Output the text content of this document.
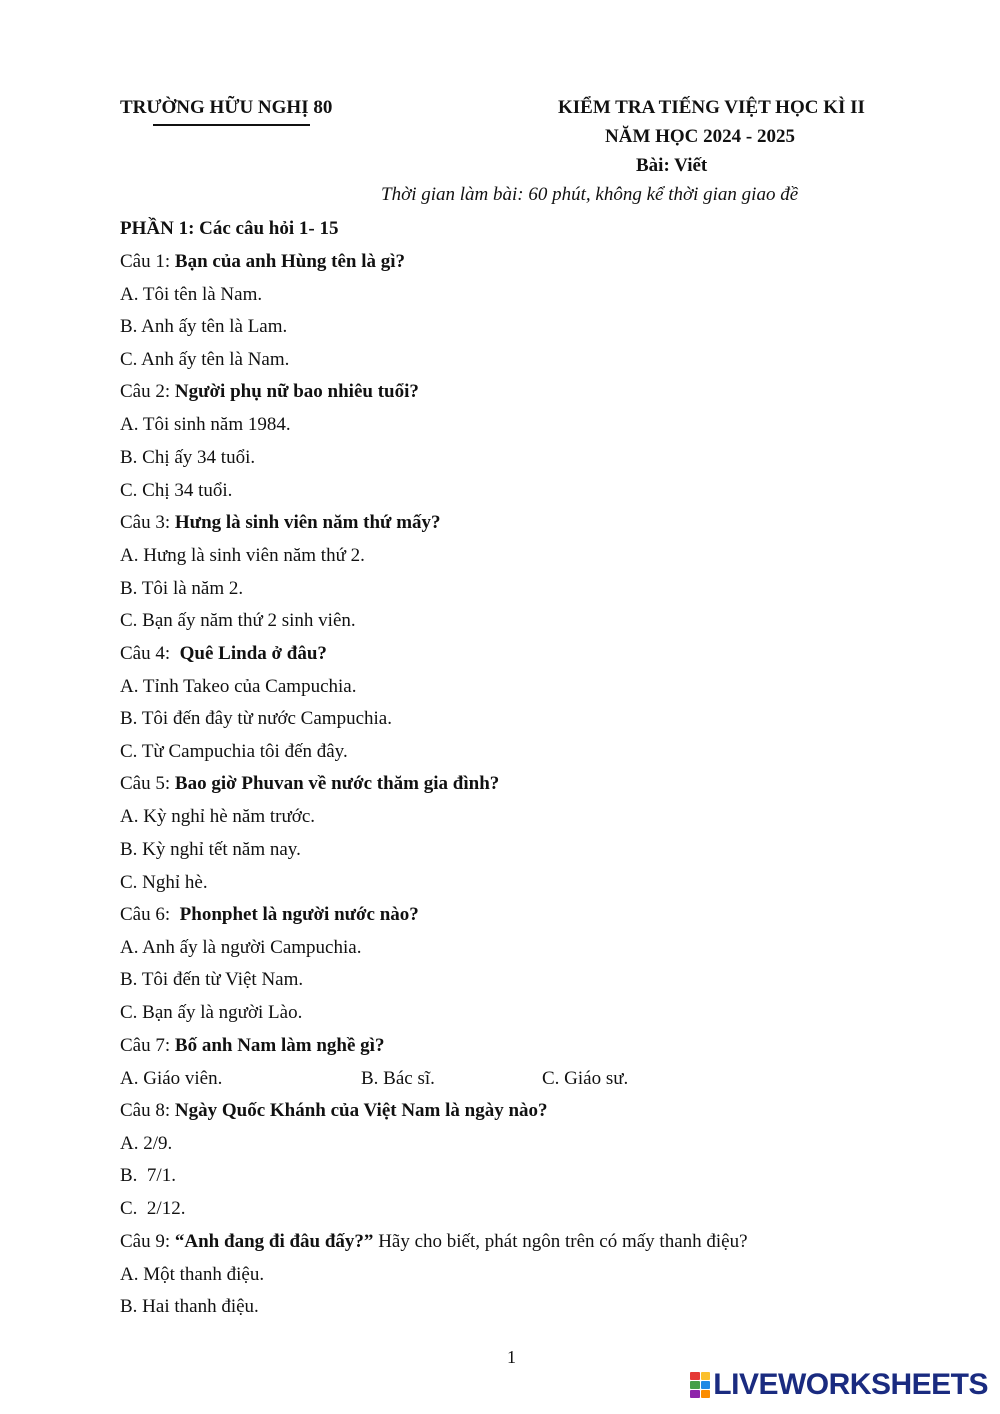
TRƯỜNG HỮU NGHỊ 80	KIỂM TRA TIẾNG VIỆT HỌC KÌ II
NĂM HỌC 2024 - 2025
Bài: Viết
Thời gian làm bài: 60 phút, không kể thời gian giao đề
PHẦN 1: Các câu hỏi 1- 15
Câu 1: Bạn của anh Hùng tên là gì?
A. Tôi tên là Nam.
B. Anh ấy tên là Lam.
C. Anh ấy tên là Nam.
Câu 2: Người phụ nữ bao nhiêu tuổi?
A. Tôi sinh năm 1984.
B. Chị ấy 34 tuổi.
C. Chị 34 tuổi.
Câu 3: Hưng là sinh viên năm thứ mấy?
A. Hưng là sinh viên năm thứ 2.
B. Tôi là năm 2.
C. Bạn ấy năm thứ 2 sinh viên.
Câu 4:  Quê Linda ở đâu?
A. Tỉnh Takeo của Campuchia.
B. Tôi đến đây từ nước Campuchia.
C. Từ Campuchia tôi đến đây.
Câu 5: Bao giờ Phuvan về nước thăm gia đình?
A. Kỳ nghỉ hè năm trước.
B. Kỳ nghỉ tết năm nay.
C. Nghỉ hè.
Câu 6:  Phonphet là người nước nào?
A. Anh ấy là người Campuchia.
B. Tôi đến từ Việt Nam.
C. Bạn ấy là người Lào.
Câu 7: Bố anh Nam làm nghề gì?
A. Giáo viên.	B. Bác sĩ.	C. Giáo sư.
Câu 8: Ngày Quốc Khánh của Việt Nam là ngày nào?
A. 2/9.
B.  7/1.
C.  2/12.
Câu 9: “Anh đang đi đâu đấy?” Hãy cho biết, phát ngôn trên có mấy thanh điệu?
A. Một thanh điệu.
B. Hai thanh điệu.
1
LIVEWORKSHEETS
